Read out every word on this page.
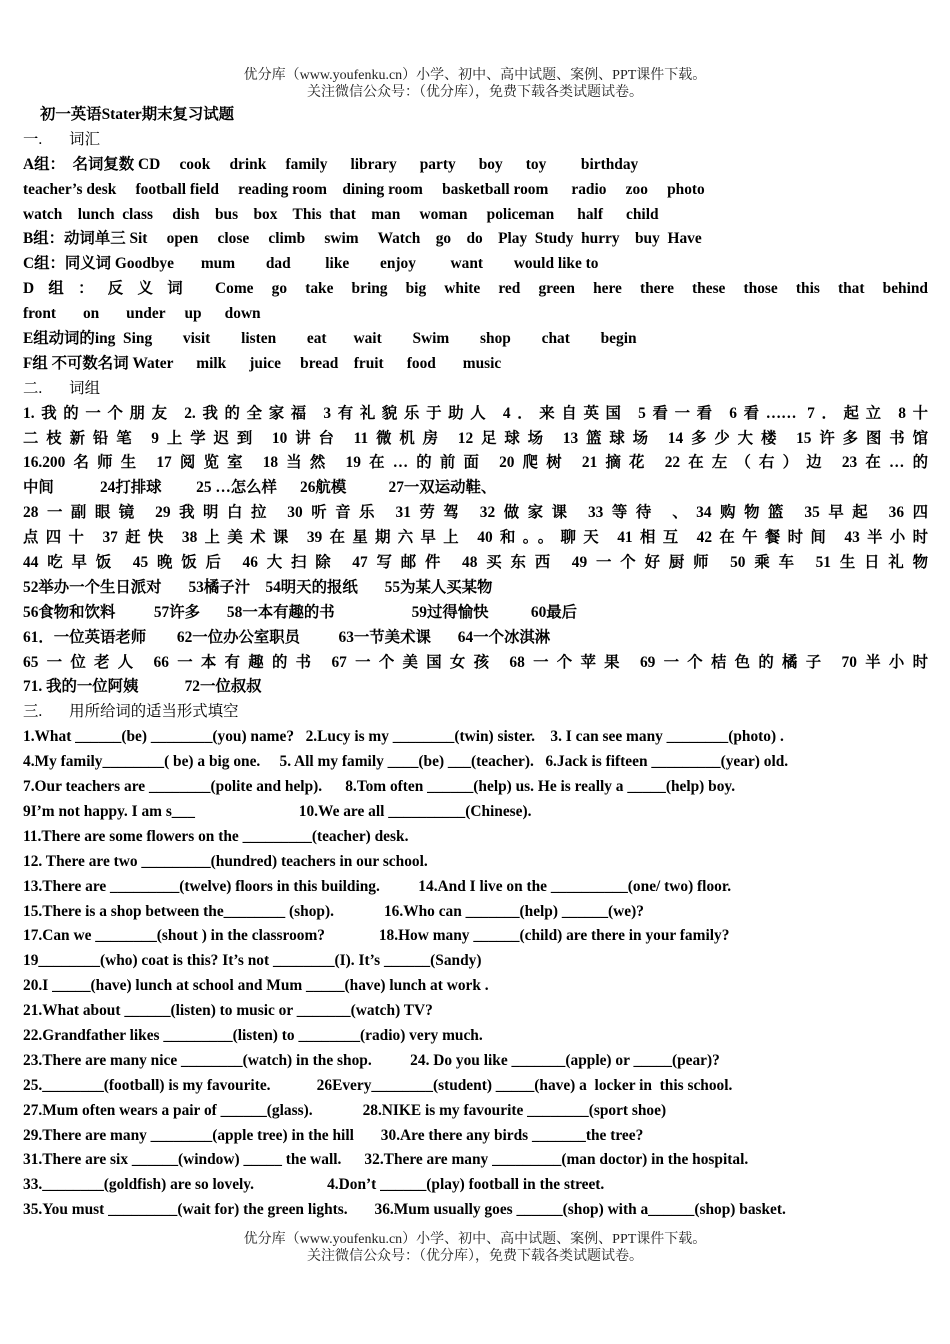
优分库（www.youfenku.cn）小学、初中、高中试题、案例、PPT课件下载。
关注微信公众号：（优分库），免费下载各类试题试卷。
初一英语Stater期末复习试题
一.       词汇
A组：  名词复数 CD     cook     drink     family      library      party      boy      toy         birthday
teacher’s desk     football field     reading room    dining room     basketball room      radio     zoo     photo
watch    lunch  class     dish    bus    box    This  that    man     woman     policeman      half      child
B组：动词单三 Sit     open     close     climb     swim     Watch    go    do    Play  Study  hurry    buy  Have
C组：同义词 Goodbye       mum        dad         like        enjoy         want        would like to
D组：反义词 Come go take bring big white red green here there these those this that behind
front       on       under     up      down
E组动词的ing  Sing        visit        listen        eat       wait        Swim        shop        chat        begin
F组 不可数名词 Water      milk      juice     bread    fruit      food       music
二.       词组
1.我的一个朋友 2.我的全家福 3有礼貌乐于助人 4．来自英国 5看一看 6看…… 7．起立 8十
二枝新铅笔 9上学迟到 10讲台 11微机房 12足球场 13篮球场 14多少大楼 15许多图书馆
16.200名师生 17阅览室 18当然 19在…的前面 20爬树 21摘花 22在左（右）边 23在…的
中间            24打排球         25 …怎么样      26航模           27一双运动鞋、
28一副眼镜 29我明白拉 30听音乐 31劳驾 32做家课 33等待 、34购物篮 35早起 36四
点四十 37赶快 38上美术课 39在星期六早上 40和。。聊天 41相互 42在午餐时间 43半小时
44吃早饭 45晚饭后 46大扫除 47写邮件 48买东西 49一个好厨师 50乘车 51生日礼物
52举办一个生日派对       53橘子汁    54明天的报纸       55为某人买某物
56食物和饮料          57许多       58一本有趣的书                    59过得愉快           60最后
61．一位英语老师        62一位办公室职员          63一节美术课       64一个冰淇淋
65一位老人 66一本有趣的书 67一个美国女孩 68一个苹果 69一个桔色的橘子 70半小时
71. 我的一位阿姨            72一位叔叔
三.       用所给词的适当形式填空
1.What ______(be) ________(you) name?   2.Lucy is my ________(twin) sister.    3. I can see many ________(photo) .
4.My family________( be) a big one.     5. All my family ____(be) ___(teacher).   6.Jack is fifteen _________(year) old.
7.Our teachers are ________(polite and help).      8.Tom often ______(help) us. He is really a _____(help) boy.
9I’m not happy. I am s___                           10.We are all __________(Chinese).
11.There are some flowers on the _________(teacher) desk.
12. There are two _________(hundred) teachers in our school.
13.There are _________(twelve) floors in this building.          14.And I live on the __________(one/ two) floor.
15.There is a shop between the________ (shop).             16.Who can _______(help) ______(we)?
17.Can we ________(shout ) in the classroom?              18.How many ______(child) are there in your family?
19________(who) coat is this? It’s not ________(I). It’s ______(Sandy)
20.I _____(have) lunch at school and Mum _____(have) lunch at work .
21.What about ______(listen) to music or _______(watch) TV?
22.Grandfather likes _________(listen) to ________(radio) very much.
23.There are many nice ________(watch) in the shop.          24. Do you like _______(apple) or _____(pear)?
25.________(football) is my favourite.            26Every________(student) _____(have) a  locker in  this school.
27.Mum often wears a pair of ______(glass).             28.NIKE is my favourite ________(sport shoe)
29.There are many ________(apple tree) in the hill       30.Are there any birds _______the tree?
31.There are six ______(window) _____ the wall.      32.There are many _________(man doctor) in the hospital.
33.________(goldfish) are so lovely.                   4.Don’t ______(play) football in the street.
35.You must _________(wait for) the green lights.       36.Mum usually goes ______(shop) with a______(shop) basket.
优分库（www.youfenku.cn）小学、初中、高中试题、案例、PPT课件下载。
关注微信公众号：（优分库），免费下载各类试题试卷。
